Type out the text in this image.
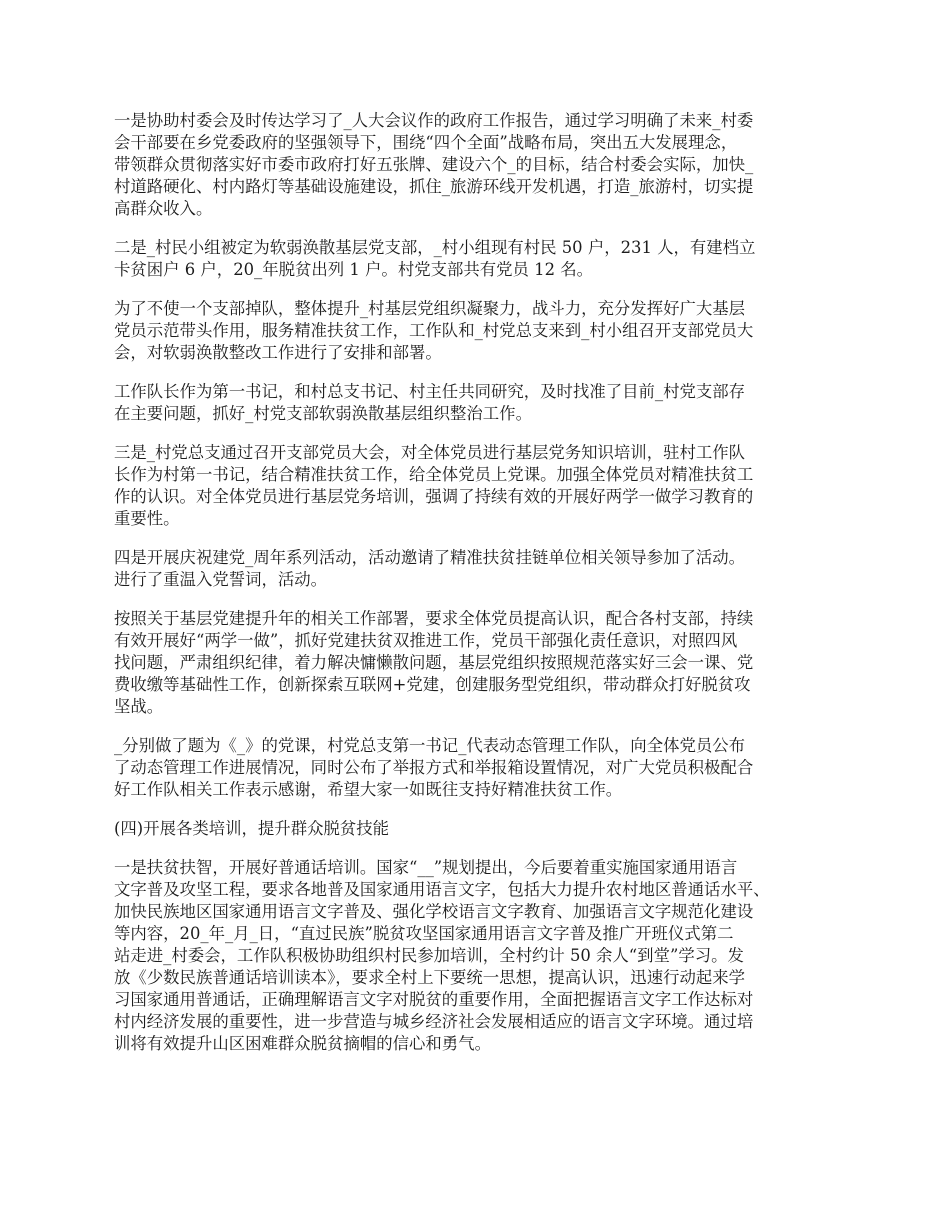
一是协助村委会及时传达学习了_人大会议作的政府工作报告，通过学习明确了未来_村委
会干部要在乡党委政府的坚强领导下，围绕“四个全面”战略布局，突出五大发展理念，
带领群众贯彻落实好市委市政府打好五张牌、建设六个_的目标，结合村委会实际，加快_
村道路硬化、村内路灯等基础设施建设，抓住_旅游环线开发机遇，打造_旅游村，切实提
高群众收入。

二是_村民小组被定为软弱涣散基层党支部，_村小组现有村民 50 户，231 人，有建档立
卡贫困户 6 户，20_年脱贫出列 1 户。村党支部共有党员 12 名。

为了不使一个支部掉队，整体提升_村基层党组织凝聚力，战斗力，充分发挥好广大基层
党员示范带头作用，服务精准扶贫工作，工作队和_村党总支来到_村小组召开支部党员大
会，对软弱涣散整改工作进行了安排和部署。

工作队长作为第一书记，和村总支书记、村主任共同研究，及时找准了目前_村党支部存
在主要问题，抓好_村党支部软弱涣散基层组织整治工作。

三是_村党总支通过召开支部党员大会，对全体党员进行基层党务知识培训，驻村工作队
长作为村第一书记，结合精准扶贫工作，给全体党员上党课。加强全体党员对精准扶贫工
作的认识。对全体党员进行基层党务培训，强调了持续有效的开展好两学一做学习教育的
重要性。

四是开展庆祝建党_周年系列活动，活动邀请了精准扶贫挂链单位相关领导参加了活动。
进行了重温入党誓词，活动。

按照关于基层党建提升年的相关工作部署，要求全体党员提高认识，配合各村支部，持续
有效开展好“两学一做”，抓好党建扶贫双推进工作，党员干部强化责任意识，对照四风
找问题，严肃组织纪律，着力解决慵懒散问题，基层党组织按照规范落实好三会一课、党
费收缴等基础性工作，创新探索互联网+党建，创建服务型党组织，带动群众打好脱贫攻
坚战。

_分别做了题为《_》的党课，村党总支第一书记_代表动态管理工作队，向全体党员公布
了动态管理工作进展情况，同时公布了举报方式和举报箱设置情况，对广大党员积极配合
好工作队相关工作表示感谢，希望大家一如既往支持好精准扶贫工作。

(四)开展各类培训，提升群众脱贫技能

一是扶贫扶智，开展好普通话培训。国家“__”规划提出，今后要着重实施国家通用语言
文字普及攻坚工程，要求各地普及国家通用语言文字，包括大力提升农村地区普通话水平、
加快民族地区国家通用语言文字普及、强化学校语言文字教育、加强语言文字规范化建设
等内容，20_年_月_日，“直过民族”脱贫攻坚国家通用语言文字普及推广开班仪式第二
站走进_村委会，工作队积极协助组织村民参加培训，全村约计 50 余人“到堂”学习。发
放《少数民族普通话培训读本》，要求全村上下要统一思想，提高认识，迅速行动起来学
习国家通用普通话，正确理解语言文字对脱贫的重要作用，全面把握语言文字工作达标对
村内经济发展的重要性，进一步营造与城乡经济社会发展相适应的语言文字环境。通过培
训将有效提升山区困难群众脱贫摘帽的信心和勇气。
